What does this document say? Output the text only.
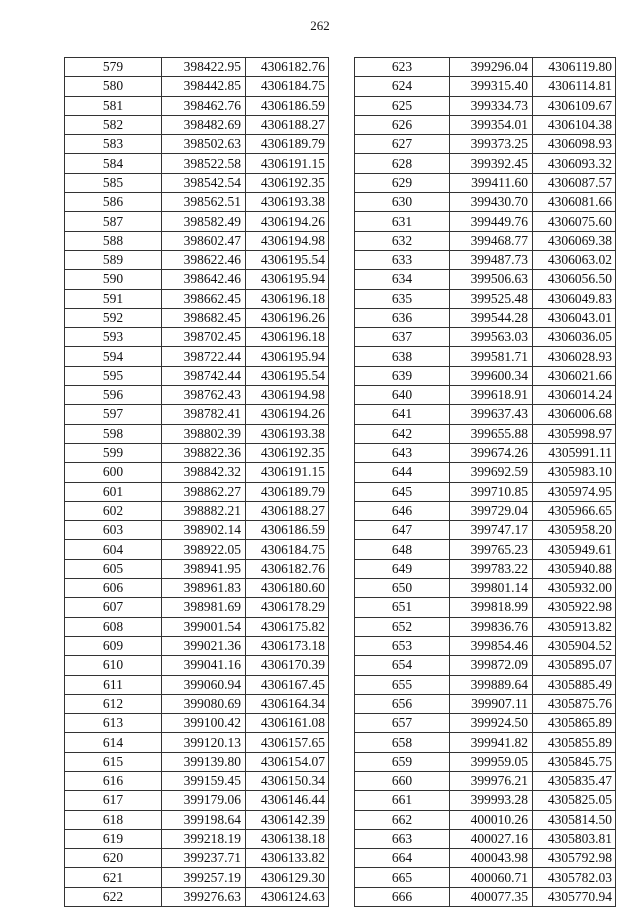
262
579	398422.95	4306182.76
580	398442.85	4306184.75
581	398462.76	4306186.59
582	398482.69	4306188.27
583	398502.63	4306189.79
584	398522.58	4306191.15
585	398542.54	4306192.35
586	398562.51	4306193.38
587	398582.49	4306194.26
588	398602.47	4306194.98
589	398622.46	4306195.54
590	398642.46	4306195.94
591	398662.45	4306196.18
592	398682.45	4306196.26
593	398702.45	4306196.18
594	398722.44	4306195.94
595	398742.44	4306195.54
596	398762.43	4306194.98
597	398782.41	4306194.26
598	398802.39	4306193.38
599	398822.36	4306192.35
600	398842.32	4306191.15
601	398862.27	4306189.79
602	398882.21	4306188.27
603	398902.14	4306186.59
604	398922.05	4306184.75
605	398941.95	4306182.76
606	398961.83	4306180.60
607	398981.69	4306178.29
608	399001.54	4306175.82
609	399021.36	4306173.18
610	399041.16	4306170.39
611	399060.94	4306167.45
612	399080.69	4306164.34
613	399100.42	4306161.08
614	399120.13	4306157.65
615	399139.80	4306154.07
616	399159.45	4306150.34
617	399179.06	4306146.44
618	399198.64	4306142.39
619	399218.19	4306138.18
620	399237.71	4306133.82
621	399257.19	4306129.30
622	399276.63	4306124.63
623	399296.04	4306119.80
624	399315.40	4306114.81
625	399334.73	4306109.67
626	399354.01	4306104.38
627	399373.25	4306098.93
628	399392.45	4306093.32
629	399411.60	4306087.57
630	399430.70	4306081.66
631	399449.76	4306075.60
632	399468.77	4306069.38
633	399487.73	4306063.02
634	399506.63	4306056.50
635	399525.48	4306049.83
636	399544.28	4306043.01
637	399563.03	4306036.05
638	399581.71	4306028.93
639	399600.34	4306021.66
640	399618.91	4306014.24
641	399637.43	4306006.68
642	399655.88	4305998.97
643	399674.26	4305991.11
644	399692.59	4305983.10
645	399710.85	4305974.95
646	399729.04	4305966.65
647	399747.17	4305958.20
648	399765.23	4305949.61
649	399783.22	4305940.88
650	399801.14	4305932.00
651	399818.99	4305922.98
652	399836.76	4305913.82
653	399854.46	4305904.52
654	399872.09	4305895.07
655	399889.64	4305885.49
656	399907.11	4305875.76
657	399924.50	4305865.89
658	399941.82	4305855.89
659	399959.05	4305845.75
660	399976.21	4305835.47
661	399993.28	4305825.05
662	400010.26	4305814.50
663	400027.16	4305803.81
664	400043.98	4305792.98
665	400060.71	4305782.03
666	400077.35	4305770.94
